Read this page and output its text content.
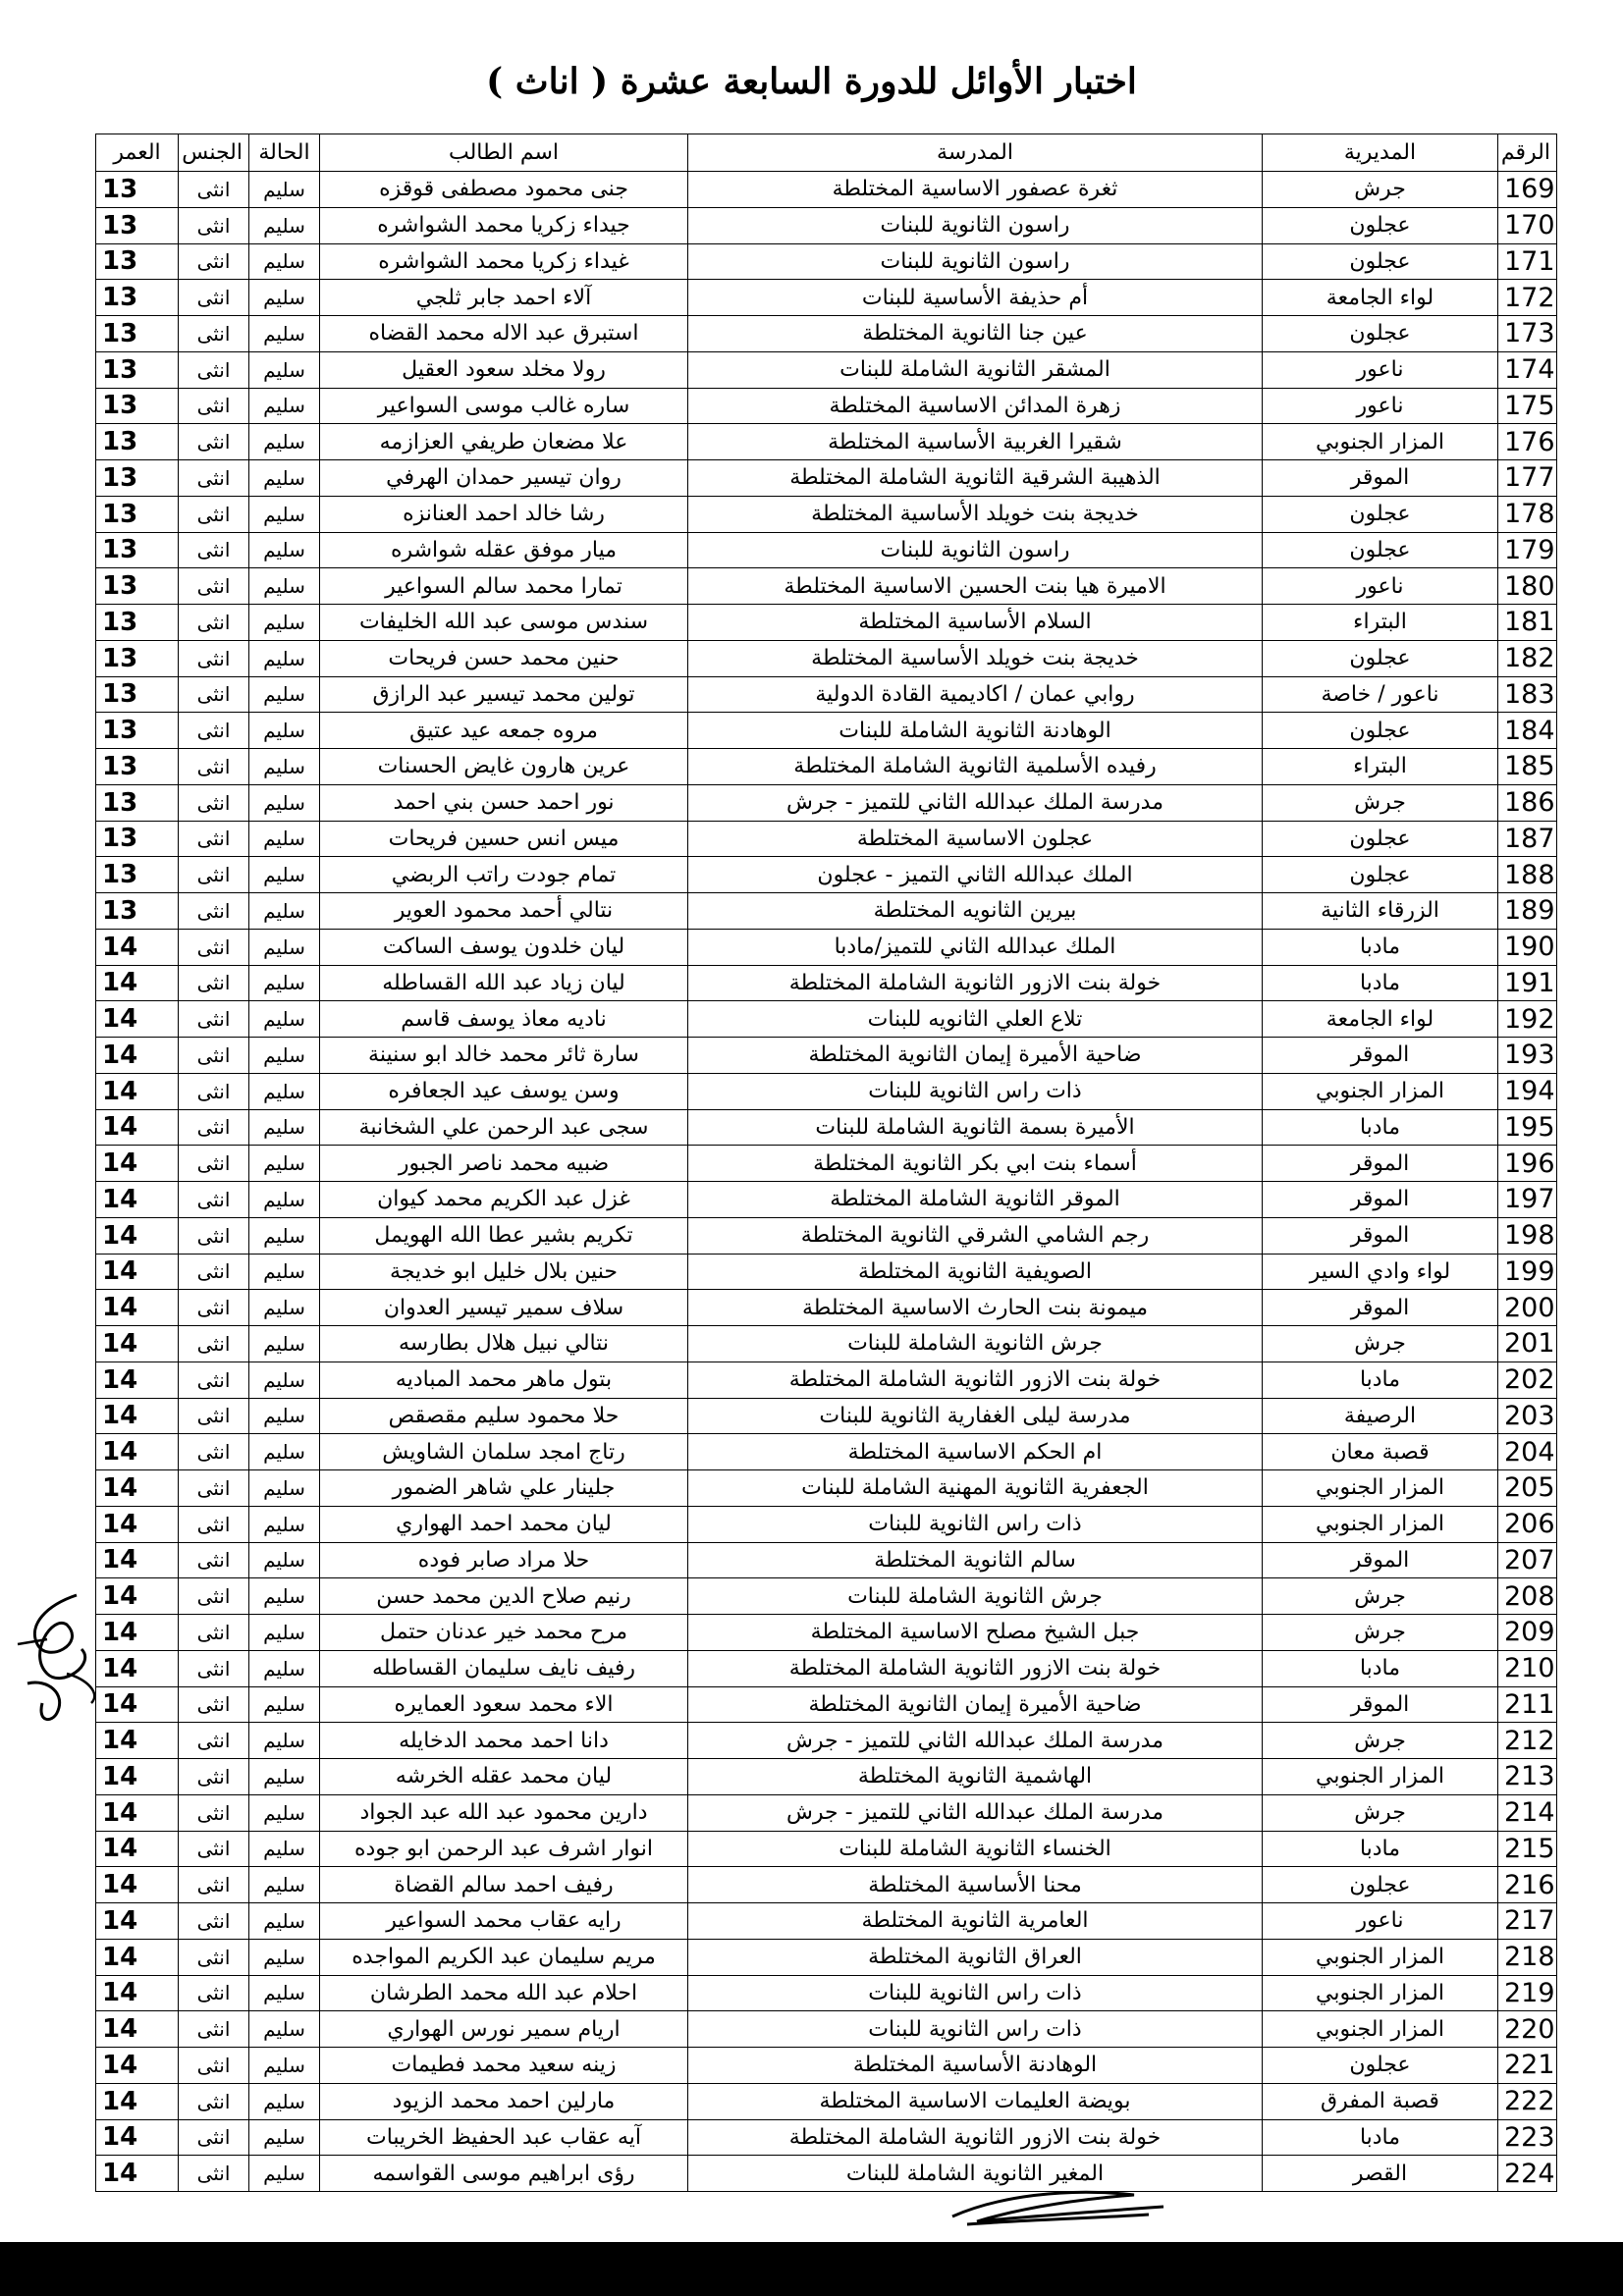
اختبار الأوائل للدورة السابعة عشرة ( اناث )
الرقم	المديرية	المدرسة	اسم الطالب	الحالة	الجنس	العمر
169	جرش	ثغرة عصفور الاساسية المختلطة	جنى محمود مصطفى قوقزه	سليم	انثى	13
170	عجلون	راسون الثانوية للبنات	جيداء زكريا محمد الشواشره	سليم	انثى	13
171	عجلون	راسون الثانوية للبنات	غيداء زكريا محمد الشواشره	سليم	انثى	13
172	لواء الجامعة	أم حذيفة الأساسية للبنات	آلاء احمد جابر ثلجي	سليم	انثى	13
173	عجلون	عين جنا الثانوية المختلطة	استبرق عبد الاله محمد القضاه	سليم	انثى	13
174	ناعور	المشقر الثانوية الشاملة للبنات	رولا مخلد سعود العقيل	سليم	انثى	13
175	ناعور	زهرة المدائن الاساسية المختلطة	ساره غالب موسى السواعير	سليم	انثى	13
176	المزار الجنوبي	شقيرا الغربية الأساسية المختلطة	علا مضعان طريفي العزازمه	سليم	انثى	13
177	الموقر	الذهيبة الشرقية الثانوية الشاملة المختلطة	روان تيسير حمدان الهرفي	سليم	انثى	13
178	عجلون	خديجة بنت خويلد الأساسية المختلطة	رشا خالد احمد العنانزه	سليم	انثى	13
179	عجلون	راسون الثانوية للبنات	ميار موفق عقله شواشره	سليم	انثى	13
180	ناعور	الاميرة هيا بنت الحسين الاساسية المختلطة	تمارا محمد سالم السواعير	سليم	انثى	13
181	البتراء	السلام الأساسية المختلطة	سندس موسى عبد الله الخليفات	سليم	انثى	13
182	عجلون	خديجة بنت خويلد الأساسية المختلطة	حنين محمد حسن فريحات	سليم	انثى	13
183	ناعور / خاصة	روابي عمان / اكاديمية القادة الدولية	تولين محمد تيسير عبد الرازق	سليم	انثى	13
184	عجلون	الوهادنة الثانوية الشاملة للبنات	مروه جمعه عيد عتيق	سليم	انثى	13
185	البتراء	رفيده الأسلمية الثانوية الشاملة المختلطة	عرين هارون غايض الحسنات	سليم	انثى	13
186	جرش	مدرسة الملك عبدالله الثاني للتميز - جرش	نور احمد حسن بني احمد	سليم	انثى	13
187	عجلون	عجلون الاساسية المختلطة	ميس انس حسين فريحات	سليم	انثى	13
188	عجلون	الملك عبدالله الثاني التميز - عجلون	تمام جودت راتب الربضي	سليم	انثى	13
189	الزرقاء الثانية	بيرين الثانويه المختلطة	نتالي أحمد محمود العوير	سليم	انثى	13
190	مادبا	الملك عبدالله الثاني للتميز/مادبا	ليان خلدون يوسف الساكت	سليم	انثى	14
191	مادبا	خولة بنت الازور الثانوية الشاملة المختلطة	ليان زياد عبد الله القساطله	سليم	انثى	14
192	لواء الجامعة	تلاع العلي الثانويه للبنات	ناديه معاذ يوسف قاسم	سليم	انثى	14
193	الموقر	ضاحية الأميرة إيمان الثانوية المختلطة	سارة ثائر محمد خالد ابو سنينة	سليم	انثى	14
194	المزار الجنوبي	ذات راس الثانوية للبنات	وسن يوسف عيد الجعافره	سليم	انثى	14
195	مادبا	الأميرة بسمة الثانوية الشاملة للبنات	سجى عبد الرحمن علي الشخانبة	سليم	انثى	14
196	الموقر	أسماء بنت ابي بكر الثانوية المختلطة	ضبيه محمد ناصر الجبور	سليم	انثى	14
197	الموقر	الموقر الثانوية الشاملة المختلطة	غزل عبد الكريم محمد كيوان	سليم	انثى	14
198	الموقر	رجم الشامي الشرقي الثانوية المختلطة	تكريم بشير عطا الله الهويمل	سليم	انثى	14
199	لواء وادي السير	الصويفية الثانوية المختلطة	حنين بلال خليل ابو خديجة	سليم	انثى	14
200	الموقر	ميمونة بنت الحارث الاساسية المختلطة	سلاف سمير تيسير العدوان	سليم	انثى	14
201	جرش	جرش الثانوية الشاملة للبنات	نتالي نبيل هلال بطارسه	سليم	انثى	14
202	مادبا	خولة بنت الازور الثانوية الشاملة المختلطة	بتول ماهر محمد المباديه	سليم	انثى	14
203	الرصيفة	مدرسة ليلى الغفارية الثانوية للبنات	حلا محمود سليم مقصقص	سليم	انثى	14
204	قصبة معان	ام الحكم الاساسية المختلطة	رتاج امجد سلمان الشاويش	سليم	انثى	14
205	المزار الجنوبي	الجعفرية الثانوية المهنية الشاملة للبنات	جلينار علي شاهر الضمور	سليم	انثى	14
206	المزار الجنوبي	ذات راس الثانوية للبنات	ليان محمد احمد الهواري	سليم	انثى	14
207	الموقر	سالم الثانوية المختلطة	حلا مراد صابر فوده	سليم	انثى	14
208	جرش	جرش الثانوية الشاملة للبنات	رنيم صلاح الدين محمد حسن	سليم	انثى	14
209	جرش	جبل الشيخ مصلح الاساسية المختلطة	مرح محمد خير عدنان حتمل	سليم	انثى	14
210	مادبا	خولة بنت الازور الثانوية الشاملة المختلطة	رفيف نايف سليمان القساطله	سليم	انثى	14
211	الموقر	ضاحية الأميرة إيمان الثانوية المختلطة	الاء محمد سعود العمايره	سليم	انثى	14
212	جرش	مدرسة الملك عبدالله الثاني للتميز - جرش	دانا احمد محمد الدخايله	سليم	انثى	14
213	المزار الجنوبي	الهاشمية الثانوية المختلطة	ليان محمد عقله الخرشه	سليم	انثى	14
214	جرش	مدرسة الملك عبدالله الثاني للتميز - جرش	دارين محمود عبد الله عبد الجواد	سليم	انثى	14
215	مادبا	الخنساء الثانوية الشاملة للبنات	انوار اشرف عبد الرحمن ابو جوده	سليم	انثى	14
216	عجلون	محنا الأساسية المختلطة	رفيف احمد سالم القضاة	سليم	انثى	14
217	ناعور	العامرية الثانوية المختلطة	رايه عقاب محمد السواعير	سليم	انثى	14
218	المزار الجنوبي	العراق الثانوية المختلطة	مريم سليمان عبد الكريم المواجده	سليم	انثى	14
219	المزار الجنوبي	ذات راس الثانوية للبنات	احلام عبد الله محمد الطرشان	سليم	انثى	14
220	المزار الجنوبي	ذات راس الثانوية للبنات	اريام سمير نورس الهواري	سليم	انثى	14
221	عجلون	الوهادنة الأساسية المختلطة	زينه سعيد محمد فطيمات	سليم	انثى	14
222	قصبة المفرق	بويضة العليمات الاساسية المختلطة	مارلين احمد محمد الزيود	سليم	انثى	14
223	مادبا	خولة بنت الازور الثانوية الشاملة المختلطة	آيه عقاب عبد الحفيظ الخريبات	سليم	انثى	14
224	القصر	المغير الثانوية الشاملة للبنات	رؤى ابراهيم موسى القواسمه	سليم	انثى	14
